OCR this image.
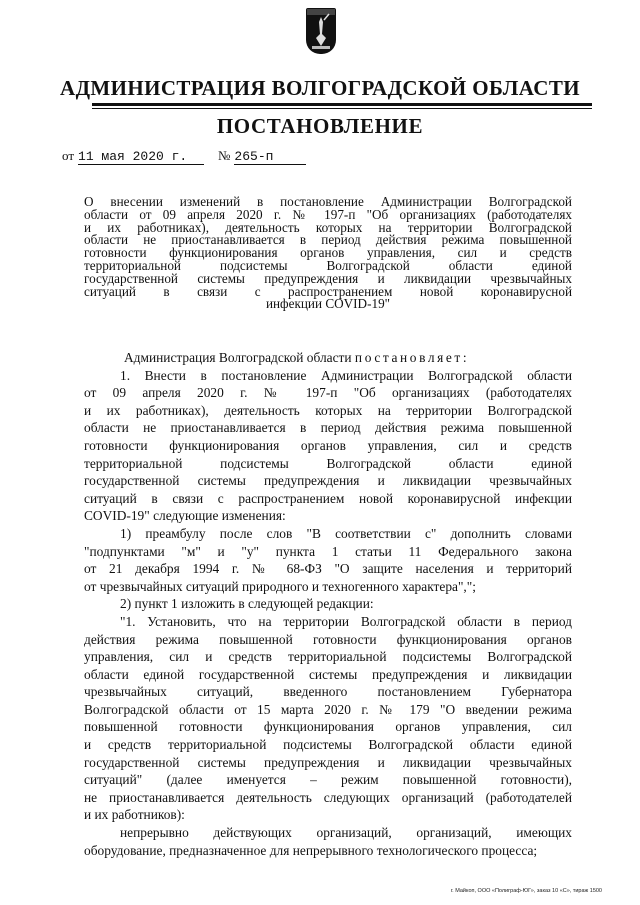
АДМИНИСТРАЦИЯ ВОЛГОГРАДСКОЙ ОБЛАСТИ
ПОСТАНОВЛЕНИЕ
от 11 мая 2020 г. № 265-п
О внесении изменений в постановление Администрации Волгоградской
области от 09 апреля 2020 г. № 197-п "Об организациях (работодателях
и их работниках), деятельность которых на территории Волгоградской
области не приостанавливается в период действия режима повышенной
готовности функционирования органов управления, сил и средств
территориальной подсистемы Волгоградской области единой
государственной системы предупреждения и ликвидации чрезвычайных
ситуаций в связи с распространением новой коронавирусной
инфекции COVID-19"
Администрация Волгоградской области постановляет:
1. Внести в постановление Администрации Волгоградской области
от 09 апреля 2020 г. № 197-п "Об организациях (работодателях
и их работниках), деятельность которых на территории Волгоградской
области не приостанавливается в период действия режима повышенной
готовности функционирования органов управления, сил и средств
территориальной подсистемы Волгоградской области единой
государственной системы предупреждения и ликвидации чрезвычайных
ситуаций в связи с распространением новой коронавирусной инфекции
COVID-19" следующие изменения:
1) преамбулу после слов "В соответствии с" дополнить словами
"подпунктами "м" и "у" пункта 1 статьи 11 Федерального закона
от 21 декабря 1994 г. № 68-ФЗ "О защите населения и территорий
от чрезвычайных ситуаций природного и техногенного характера",";
2) пункт 1 изложить в следующей редакции:
"1. Установить, что на территории Волгоградской области в период
действия режима повышенной готовности функционирования органов
управления, сил и средств территориальной подсистемы Волгоградской
области единой государственной системы предупреждения и ликвидации
чрезвычайных ситуаций, введенного постановлением Губернатора
Волгоградской области от 15 марта 2020 г. № 179 "О введении режима
повышенной готовности функционирования органов управления, сил
и средств территориальной подсистемы Волгоградской области единой
государственной системы предупреждения и ликвидации чрезвычайных
ситуаций" (далее именуется – режим повышенной готовности),
не приостанавливается деятельность следующих организаций (работодателей
и их работников):
непрерывно действующих организаций, организаций, имеющих
оборудование, предназначенное для непрерывного технологического процесса;
г. Майкоп, ООО «Полиграф-ЮГ», заказ 10 «С», тираж 1500
